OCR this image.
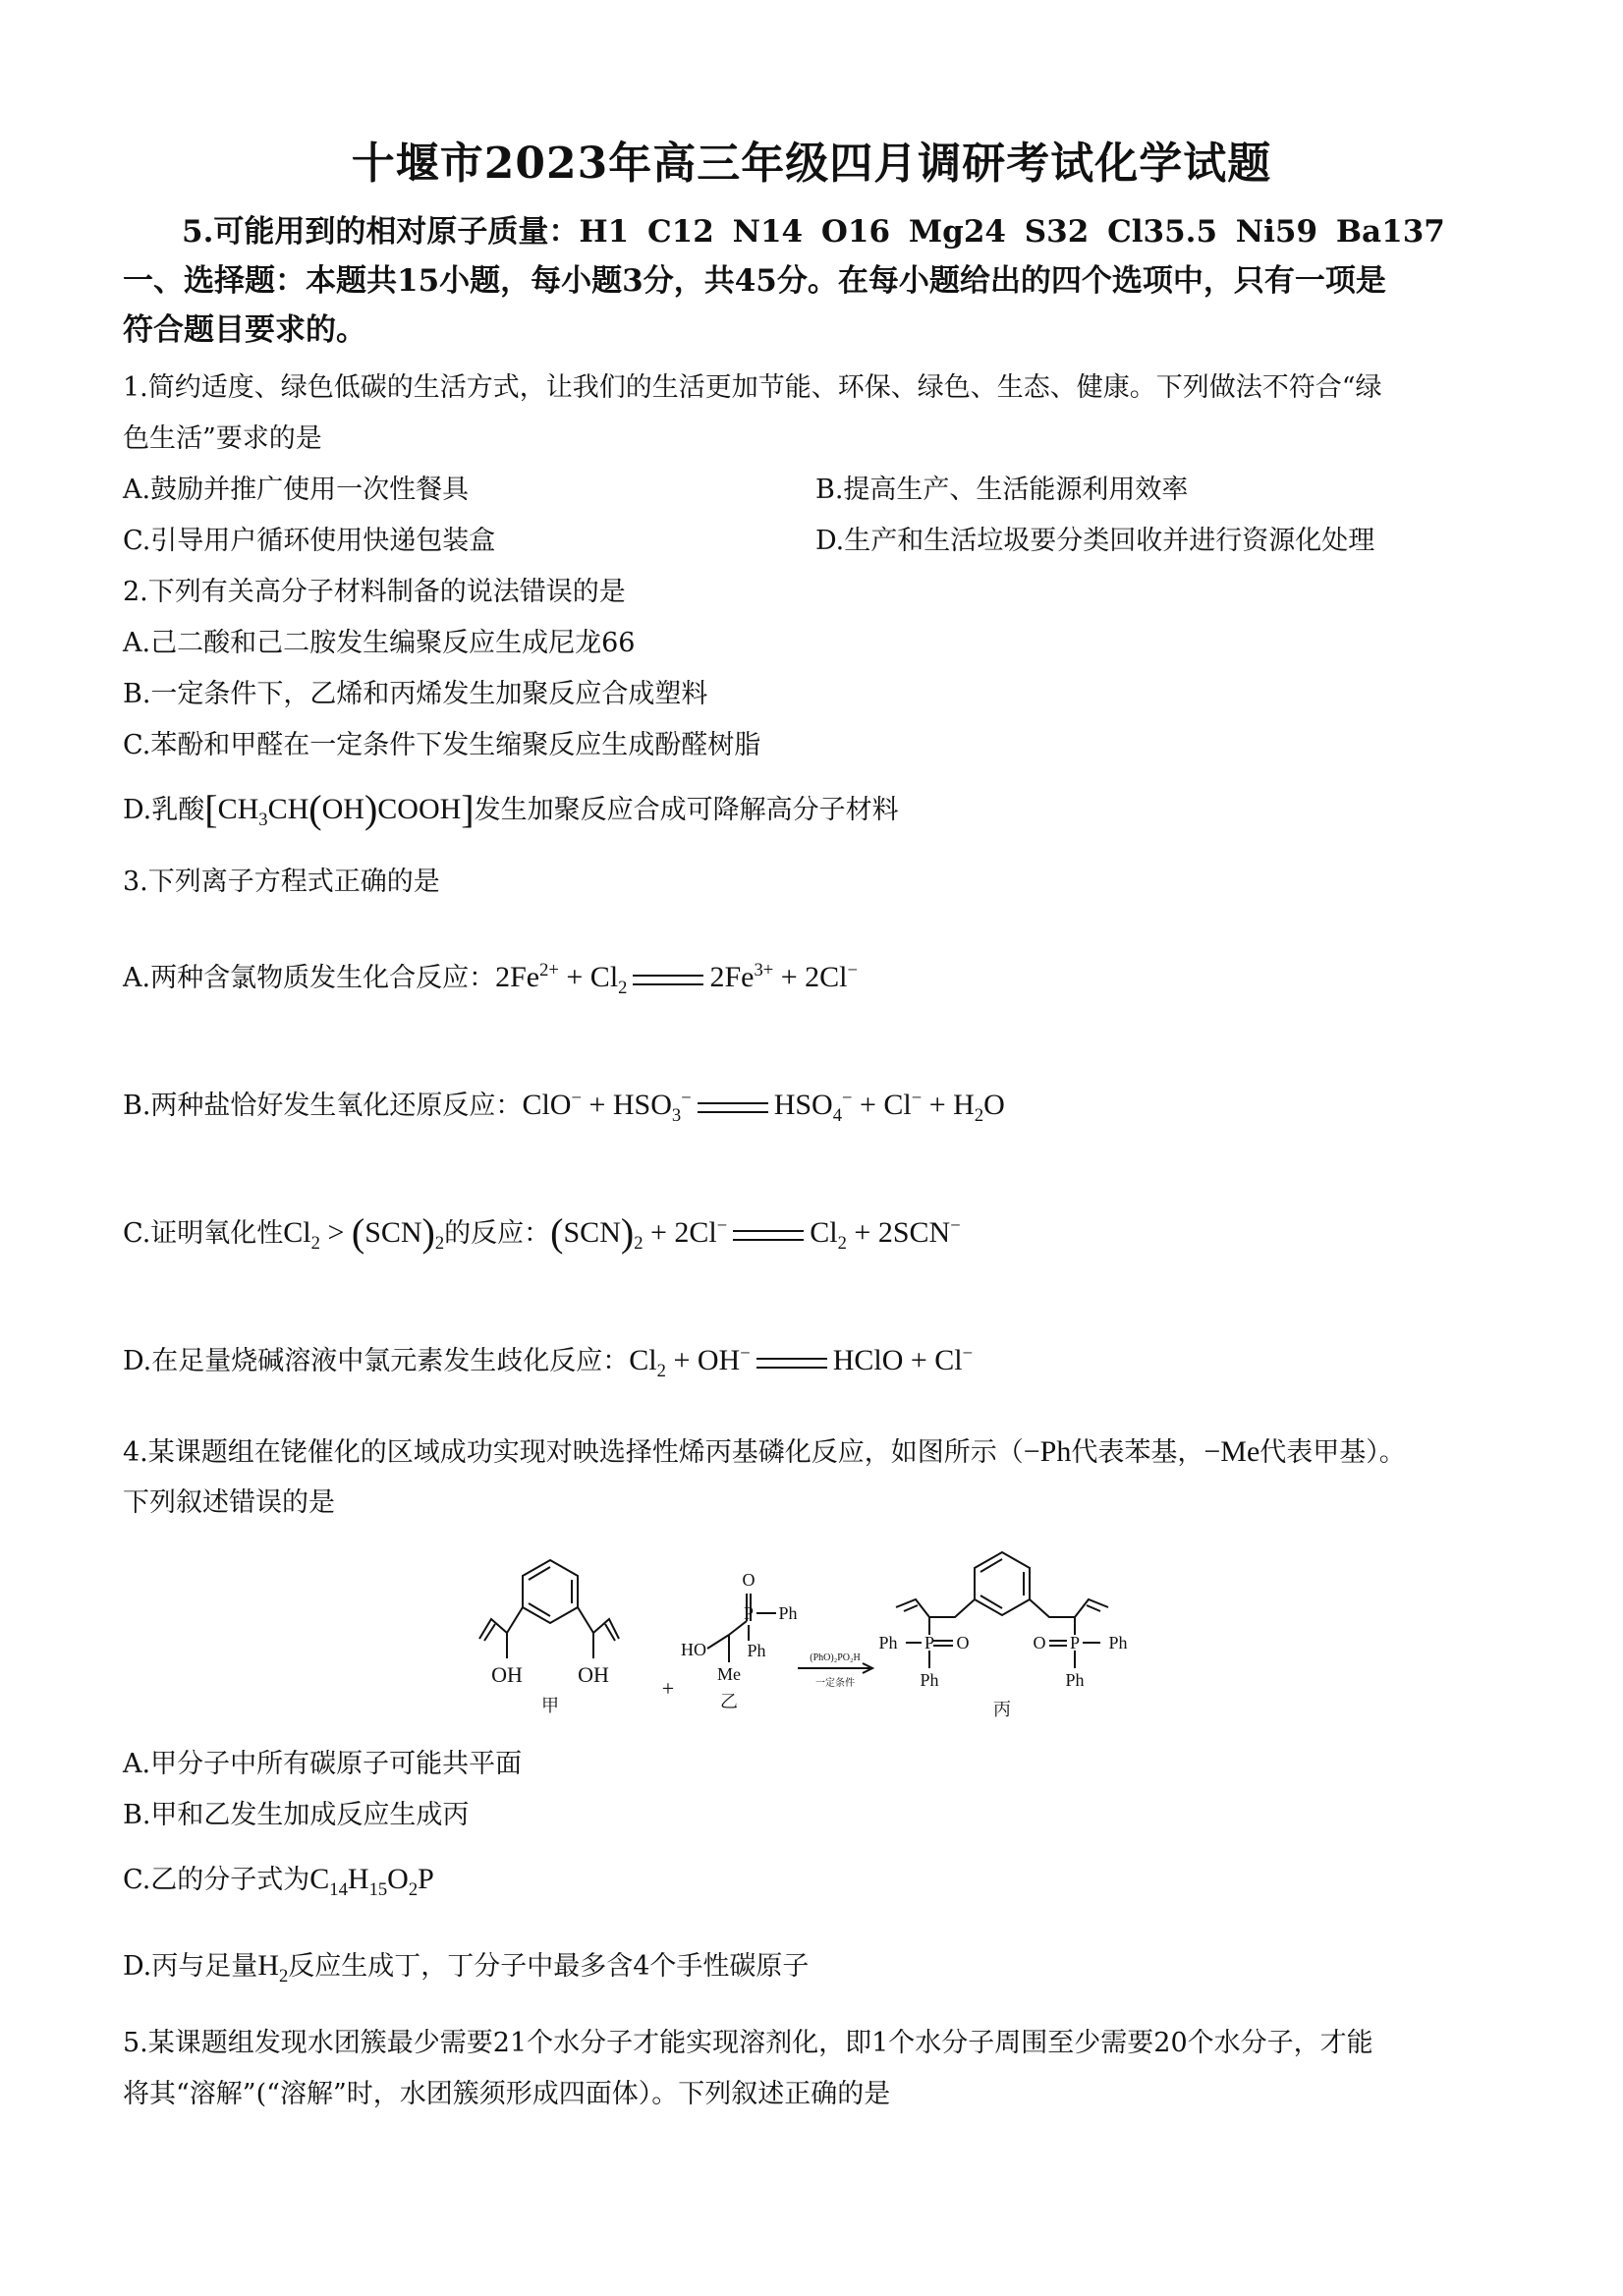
十堰市2023年高三年级四月调研考试化学试题
5.可能用到的相对原子质量：H1 C12 N14 O16 Mg24 S32 Cl35.5 Ni59 Ba137
一、选择题：本题共15小题，每小题3分，共45分。在每小题给出的四个选项中，只有一项是
符合题目要求的。
1.简约适度、绿色低碳的生活方式，让我们的生活更加节能、环保、绿色、生态、健康。下列做法不符合“绿
色生活”要求的是
A.鼓励并推广使用一次性餐具	B.提高生产、生活能源利用效率
C.引导用户循环使用快递包装盒	D.生产和生活垃圾要分类回收并进行资源化处理
2.下列有关高分子材料制备的说法错误的是
A.己二酸和己二胺发生编聚反应生成尼龙66
B.一定条件下，乙烯和丙烯发生加聚反应合成塑料
C.苯酚和甲醛在一定条件下发生缩聚反应生成酚醛树脂
D.乳酸$[CH_3CH(OH)COOH]$发生加聚反应合成可降解高分子材料
3.下列离子方程式正确的是
A.两种含氯物质发生化合反应：$2Fe^{2+} + Cl_2$	$2Fe^{3+} + 2Cl^-$
B.两种盐恰好发生氧化还原反应：$ClO^- + HSO_3^-$	$HSO_4^- + Cl^- + H_2O$
C.证明氧化性$Cl_2 > (SCN)_2$的反应：$(SCN)_2 + 2Cl^-$	$Cl_2 + 2SCN^-$
D.在足量烧碱溶液中氯元素发生歧化反应：$Cl_2 + OH^-$	HClO + Cl−
4.某课题组在铑催化的区域成功实现对映选择性烯丙基磷化反应，如图所示（−Ph代表苯基，−Me代表甲基）。
下列叙述错误的是
OH	OH
甲
+
HO
Me
O
P Ph
Ph
乙
(PhO)₂PO₂H
一定条件
P O
Ph
Ph
P
O	Ph
Ph
丙
A.甲分子中所有碳原子可能共平面
B.甲和乙发生加成反应生成丙
C.乙的分子式为$C_{14}H_{15}O_2P$
D.丙与足量$H_2$反应生成丁，丁分子中最多含4个手性碳原子
5.某课题组发现水团簇最少需要21个水分子才能实现溶剂化，即1个水分子周围至少需要20个水分子，才能
将其“溶解”(“溶解”时，水团簇须形成四面体）。下列叙述正确的是
